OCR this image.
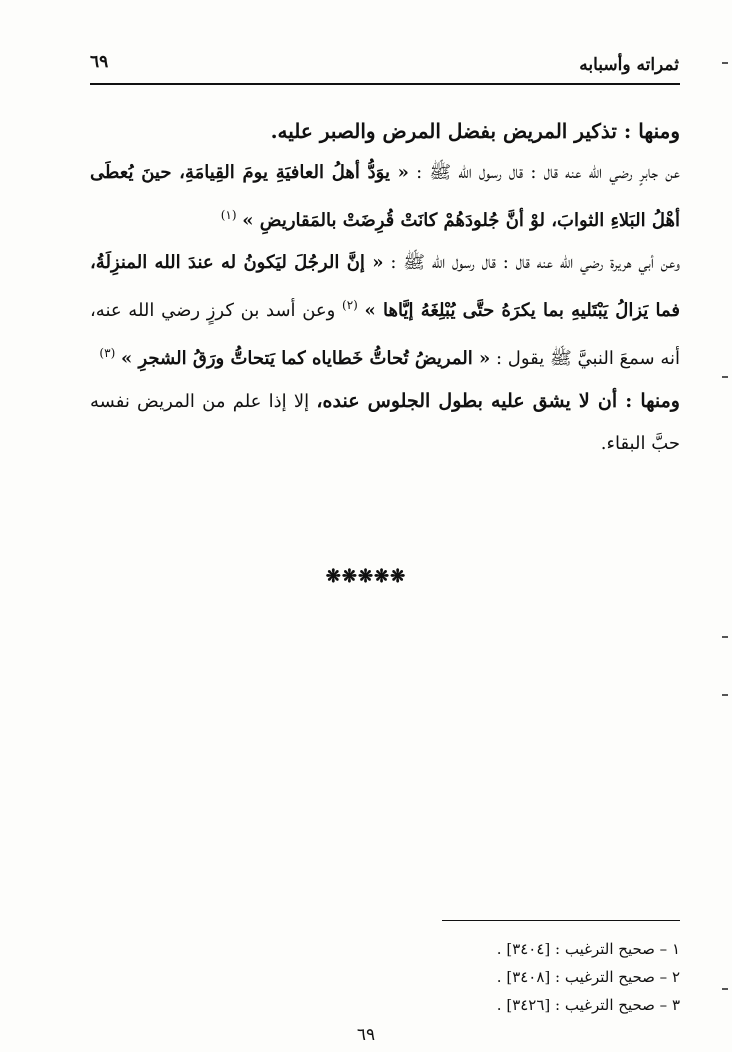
ثمراته وأسبابه
٦٩

ومنها : تذكير المريض بفضل المرض والصبر عليه.

عن جابرٍ رضي الله عنه قال : قال رسول الله ﷺ : « يوَدُّ أهلُ العافيَةِ يومَ القِيامَةِ، حينَ يُعطَى أهْلُ البَلاءِ الثوابَ، لوْ أنَّ جُلودَهُمْ كانَتْ قُرِضَتْ بالمَقاريضِ » $^{(١)}$

وعن أبي هريرة رضي الله عنه قال : قال رسول الله ﷺ : « إنَّ الرجُلَ ليَكونُ له عندَ الله المنزِلَةُ، فما يَزالُ يَبْتَليهِ بما يكرَهُ حتَّى يُبْلِغَهُ إيَّاها » $^{(٢)}$ وعن أسد بن كرزٍ رضي الله عنه، أنه سمعَ النبيَّ ﷺ يقول : « المريضُ تُحاتُّ خَطاياه كما يَتحاتُّ ورَقُ الشجرِ » $^{(٣)}$

ومنها : أن لا يشق عليه بطول الجلوس عنده، إلا إذا علم من المريض نفسه حبَّ البقاء.

❋❋❋❋❋
١ – صحيح الترغيب : [٣٤٠٤] .
٢ – صحيح الترغيب : [٣٤٠٨] .
٣ – صحيح الترغيب : [٣٤٢٦] .
٦٩
